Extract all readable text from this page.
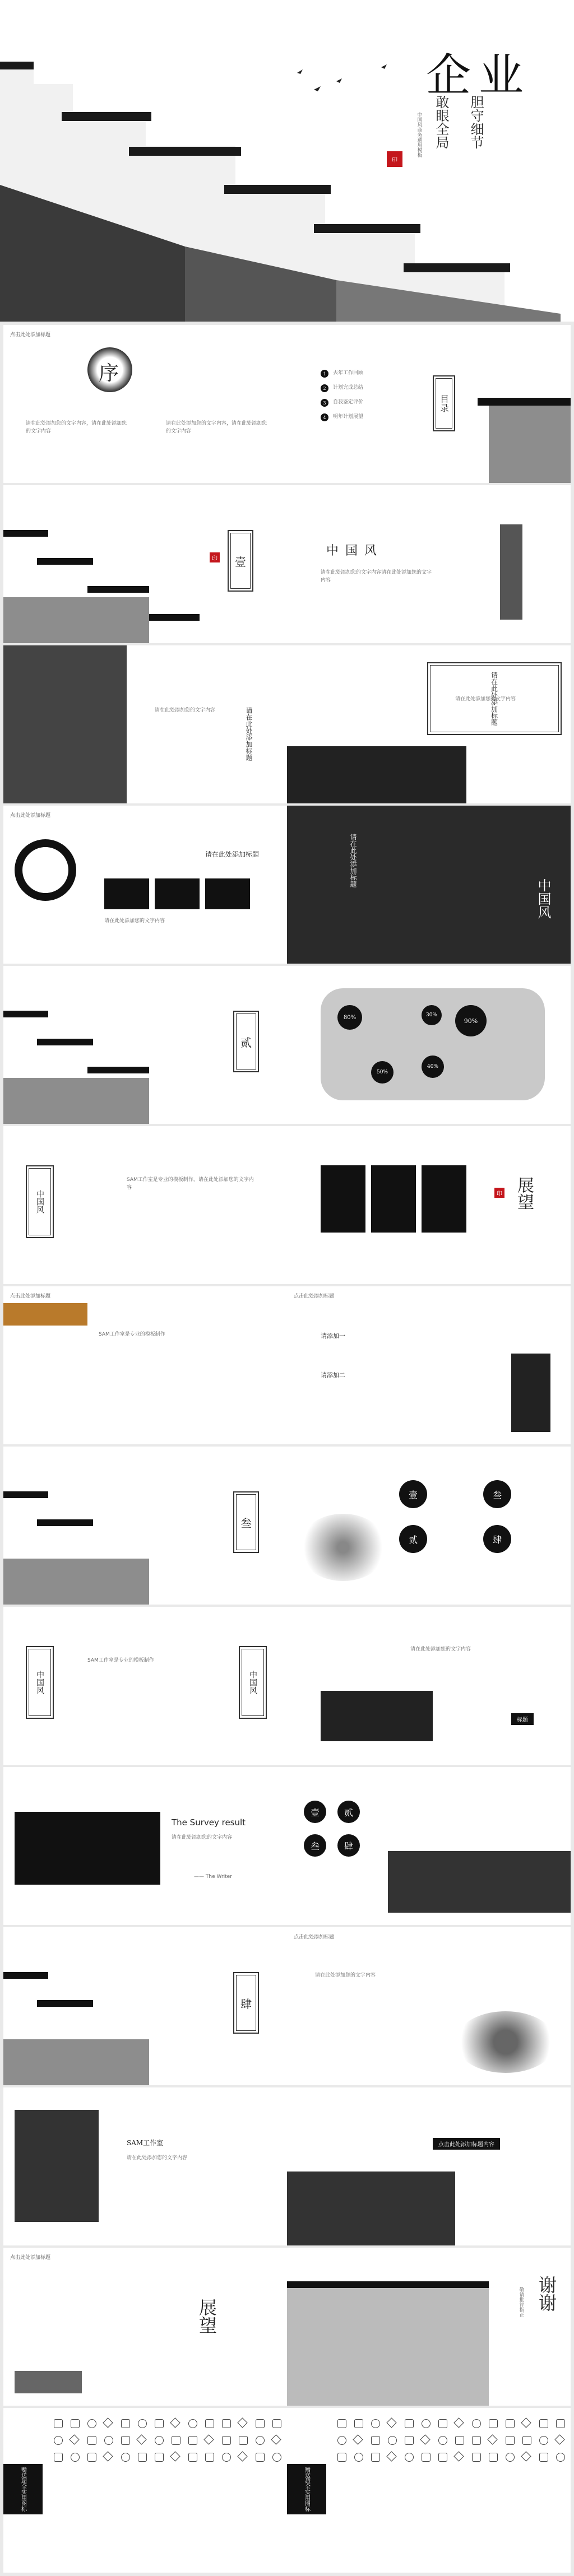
企业
敢眼全局 胆守细节
印
中国风商务通用模板
点击此处添加标题
序
请在此处添加您的文字内容，请在此处添加您的文字内容
请在此处添加您的文字内容，请在此处添加您的文字内容
1	去年工作回顾
2	计划完成总结
3	自我鉴定评价
4	明年计划展望
目录
壹
印
中国风
请在此处添加您的文字内容请在此处添加您的文字内容
请在此处添加标题
请在此处添加您的文字内容	请在此处添加标题
请在此处添加您的文字内容
点击此处添加标题
请在此处添加标题
请在此处添加您的文字内容
请在此处添加标题
中国风
贰
80%	30%
90%
50%
40%
中国风
SAM工作室是专业的模板制作，请在此处添加您的文字内容	展望
印
点击此处添加标题
SAM工作室是专业的模板制作
点击此处添加标题
请添加一
请添加二
叁
壹
贰
叁
肆
中国风
SAM工作室是专业的模板制作
中国风
请在此处添加您的文字内容
标题
The Survey result
请在此处添加您的文字内容
—— The Writer
壹	贰
叁	肆
肆
点击此处添加标题
请在此处添加您的文字内容
SAM工作室
请在此处添加您的文字内容
点击此处添加标题内容
点击此处添加标题
展望
谢谢
敬请批评指正
赠送超全实用图标	赠送超全实用图标
